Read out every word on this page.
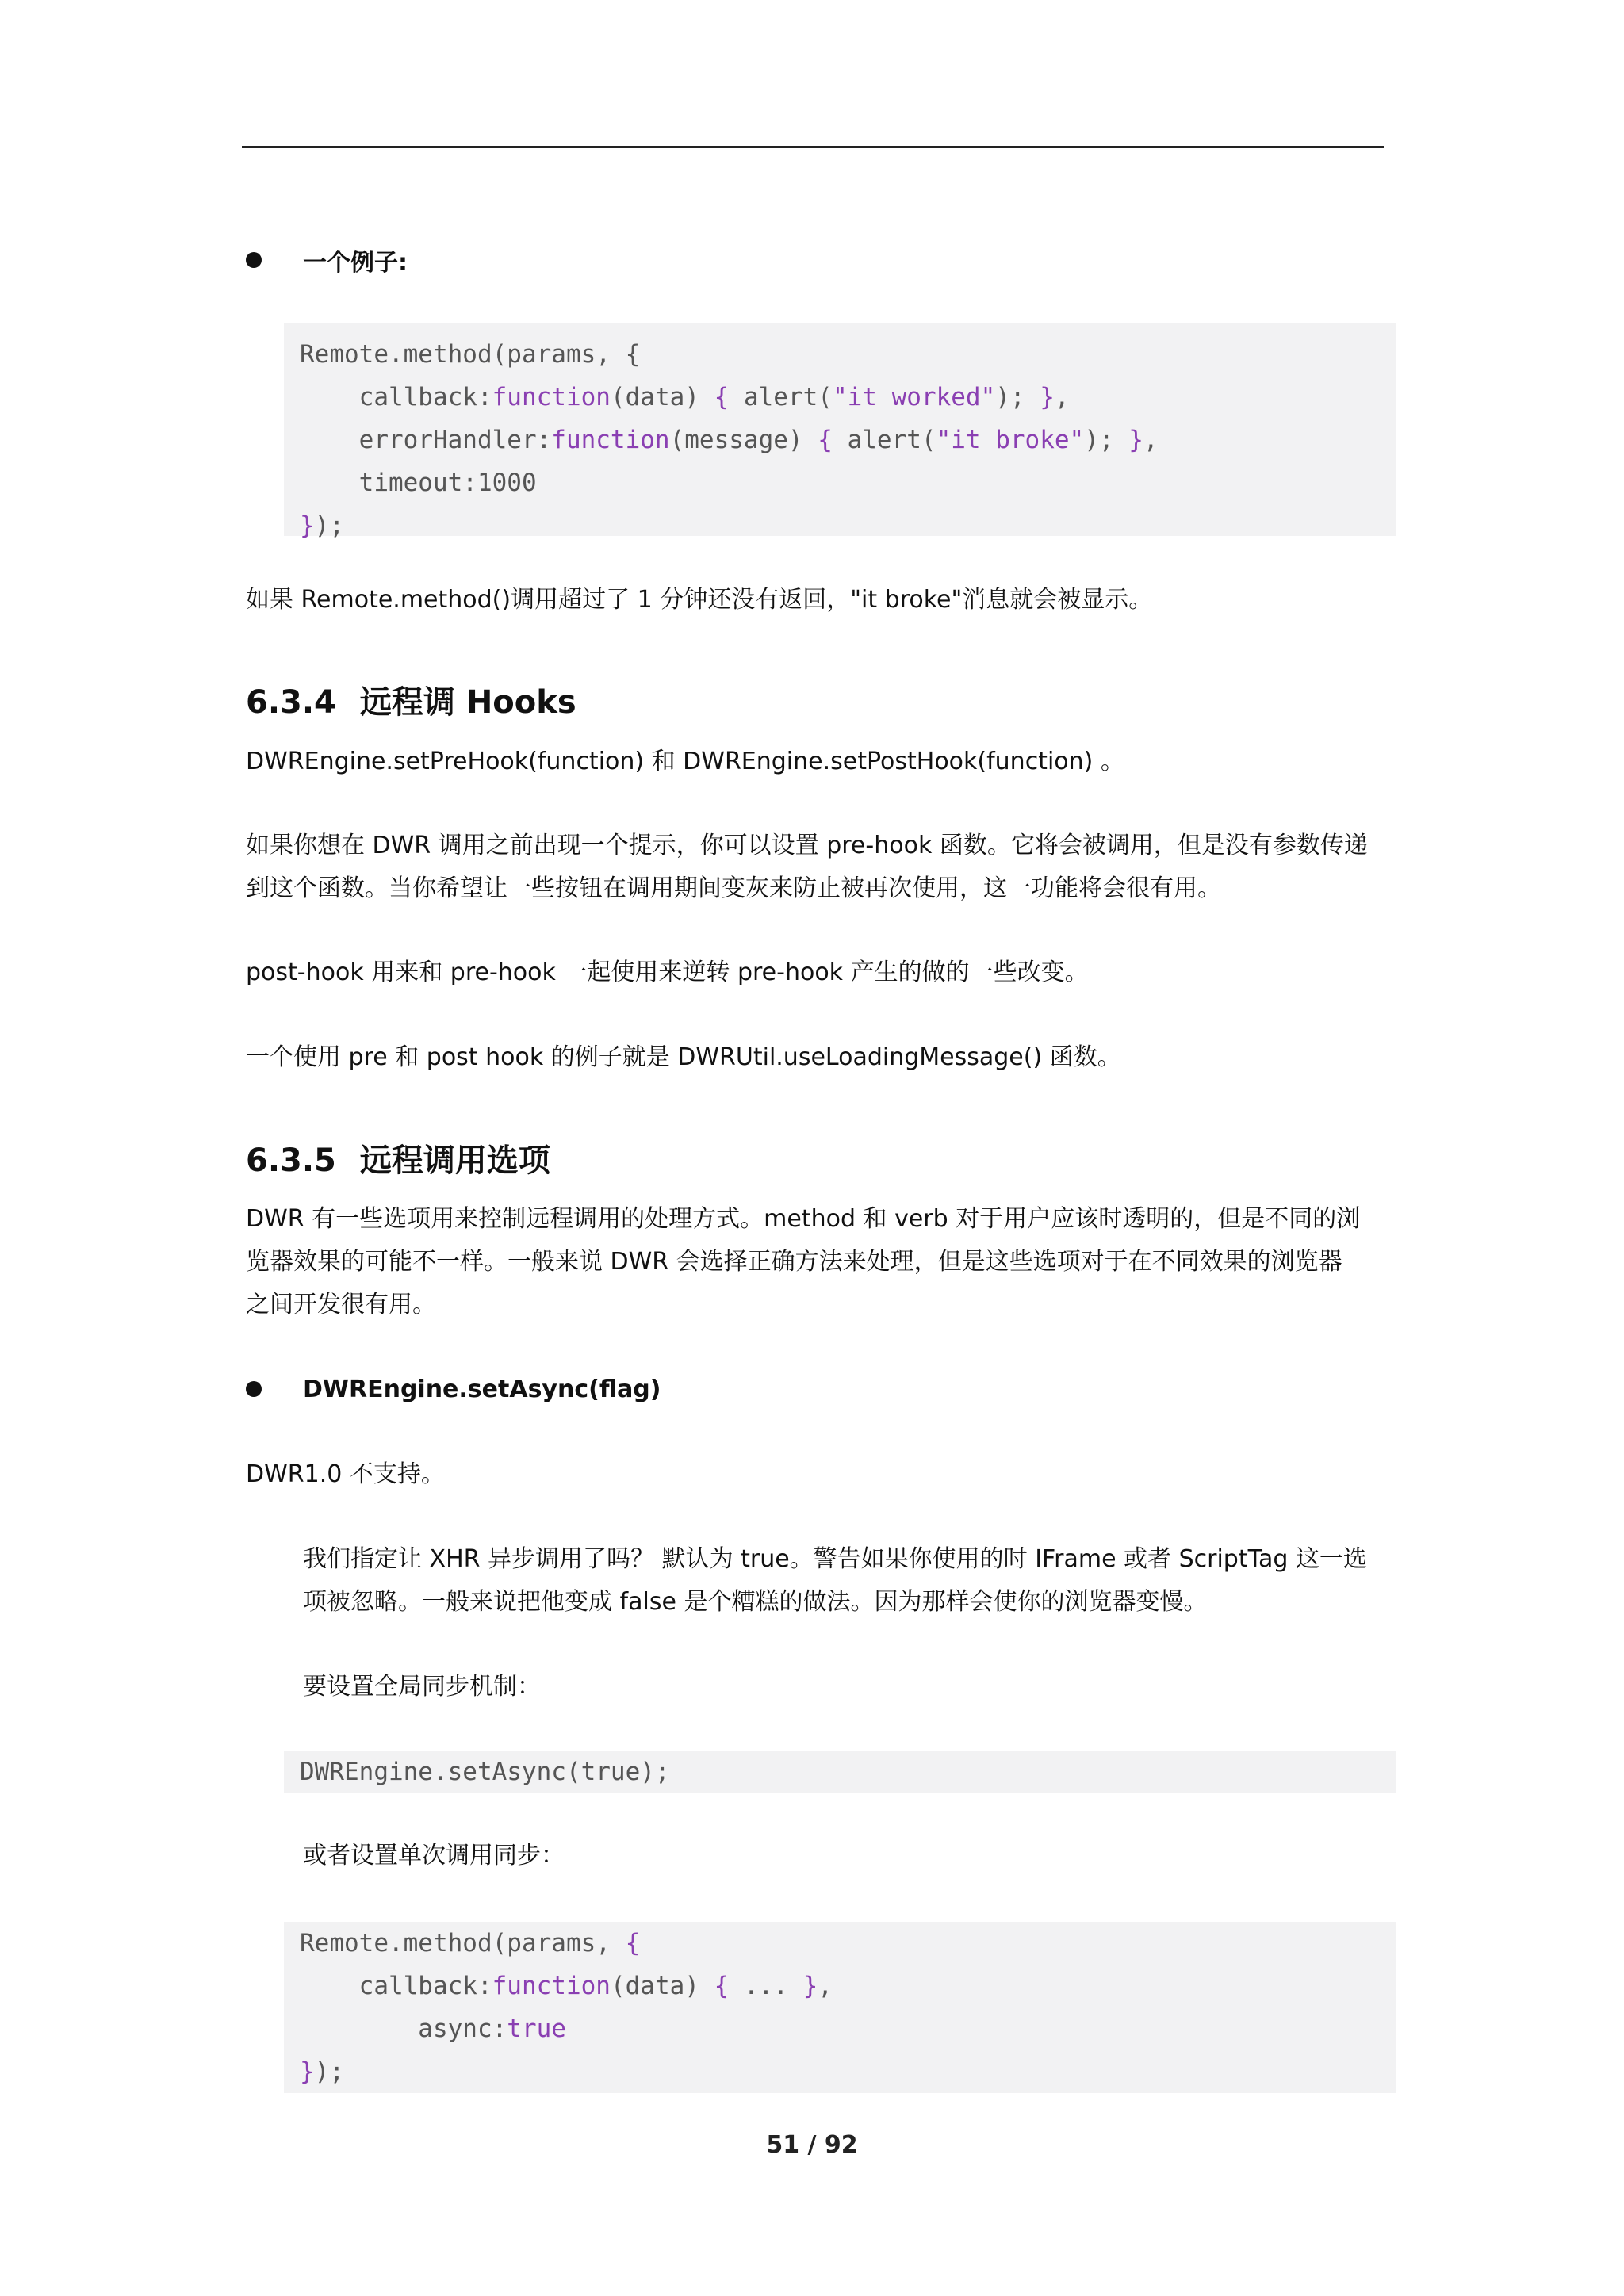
一个例子:
Remote.method(params, {
callback:function(data) { alert("it worked"); },
errorHandler:function(message) { alert("it broke"); },
timeout:1000
});
如果 Remote.method()调用超过了 1 分钟还没有返回，"it broke"消息就会被显示。
6.3.4 远程调 Hooks
DWREngine.setPreHook(function) 和 DWREngine.setPostHook(function) 。
如果你想在 DWR 调用之前出现一个提示，你可以设置 pre-hook 函数。它将会被调用，但是没有参数传递
到这个函数。当你希望让一些按钮在调用期间变灰来防止被再次使用，这一功能将会很有用。
post-hook 用来和 pre-hook 一起使用来逆转 pre-hook 产生的做的一些改变。
一个使用 pre 和 post hook 的例子就是 DWRUtil.useLoadingMessage() 函数。
6.3.5 远程调用选项
DWR 有一些选项用来控制远程调用的处理方式。method 和 verb 对于用户应该时透明的，但是不同的浏
览器效果的可能不一样。一般来说 DWR 会选择正确方法来处理，但是这些选项对于在不同效果的浏览器
之间开发很有用。
DWREngine.setAsync(flag)
DWR1.0 不支持。
我们指定让 XHR 异步调用了吗？ 默认为 true。警告如果你使用的时 IFrame 或者 ScriptTag 这一选
项被忽略。一般来说把他变成 false 是个糟糕的做法。因为那样会使你的浏览器变慢。
要设置全局同步机制：
DWREngine.setAsync(true);
或者设置单次调用同步：
Remote.method(params, {
callback:function(data) { ... },
async:true
});
51 / 92
